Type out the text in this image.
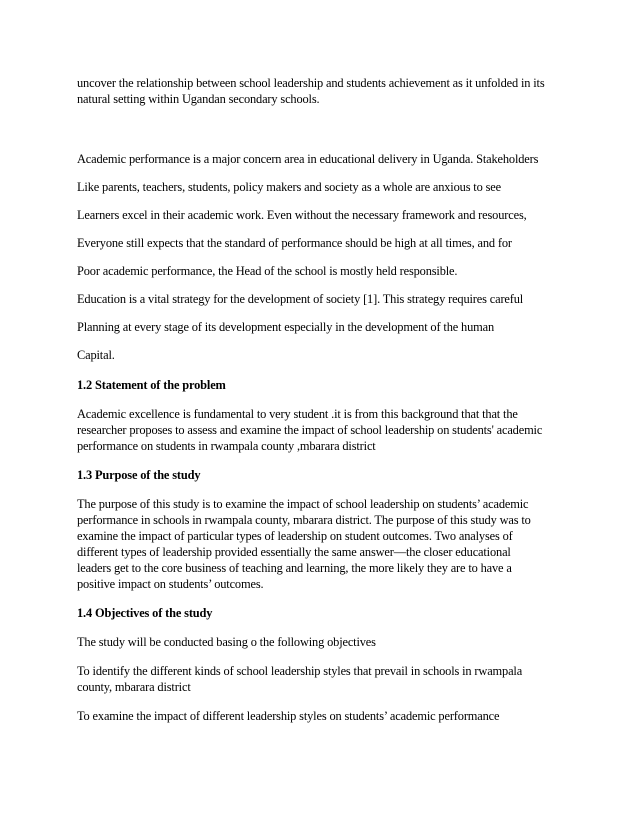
uncover the relationship between school leadership and students achievement as it unfolded in its
natural setting within Ugandan secondary schools.
Academic performance is a major concern area in educational delivery in Uganda. Stakeholders
Like parents, teachers, students, policy makers and society as a whole are anxious to see
Learners excel in their academic work. Even without the necessary framework and resources,
Everyone still expects that the standard of performance should be high at all times, and for
Poor academic performance, the Head of the school is mostly held responsible.
Education is a vital strategy for the development of society [1]. This strategy requires careful
Planning at every stage of its development especially in the development of the human
Capital.
1.2 Statement of the problem
Academic excellence is fundamental to very student .it is from this background that that the
researcher proposes to assess and examine the impact of school leadership on students' academic
performance on students in rwampala county ,mbarara district
1.3 Purpose of the study
The purpose of this study is to examine the impact of school leadership on students’ academic
performance in schools in rwampala county, mbarara district. The purpose of this study was to
examine the impact of particular types of leadership on student outcomes. Two analyses of
different types of leadership provided essentially the same answer—the closer educational
leaders get to the core business of teaching and learning, the more likely they are to have a
positive impact on students’ outcomes.
1.4 Objectives of the study
The study will be conducted basing o the following objectives
To identify the different kinds of school leadership styles that prevail in schools in rwampala
county, mbarara district
To examine the impact of different leadership styles on students’ academic performance
